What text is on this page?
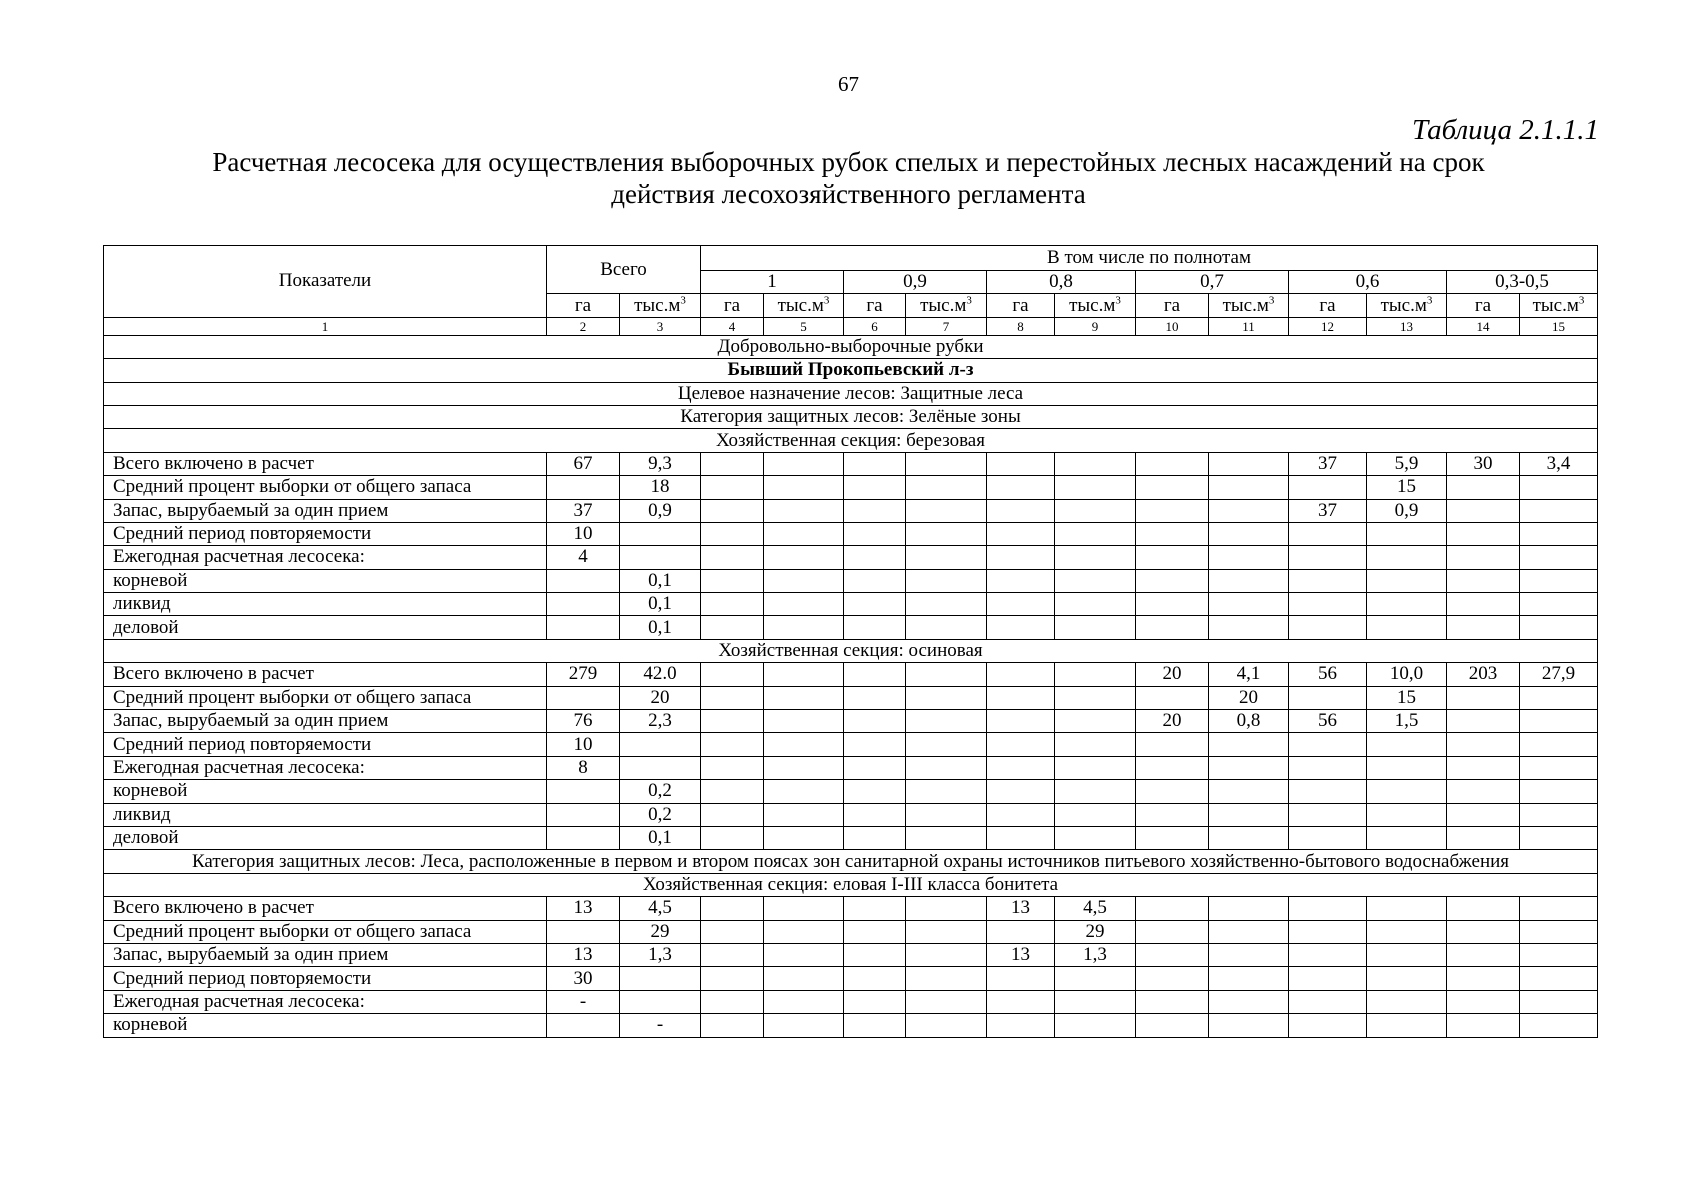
67
Таблица 2.1.1.1
Расчетная лесосека для осуществления выборочных рубок спелых и перестойных лесных насаждений на срок
действия лесохозяйственного регламента
Показатели	Всего		В том числе по полнотам											
			1		0,9		0,8		0,7		0,6		0,3-0,5	
	га	$тыс.м^3$	га	$тыс.м^3$	га	$тыс.м^3$	га	$тыс.м^3$	га	$тыс.м^3$	га	$тыс.м^3$	га	$тыс.м^3$
1	2	3	4	5	6	7	8	9	10	11	12	13	14	15
Добровольно-выборочные рубки														
Бывший Прокопьевский л-з														
Целевое назначение лесов: Защитные леса														
Категория защитных лесов: Зелёные зоны														
Хозяйственная секция: березовая														
Всего включено в расчет	67	9,3									37	5,9	30	3,4
Средний процент выборки от общего запаса		18										15		
Запас, вырубаемый за один прием	37	0,9									37	0,9		
Средний период повторяемости	10													
Ежегодная расчетная лесосека:	4													
корневой		0,1												
ликвид		0,1												
деловой		0,1												
Хозяйственная секция: осиновая														
Всего включено в расчет	279	42.0							20	4,1	56	10,0	203	27,9
Средний процент выборки от общего запаса		20								20		15		
Запас, вырубаемый за один прием	76	2,3							20	0,8	56	1,5		
Средний период повторяемости	10													
Ежегодная расчетная лесосека:	8													
корневой		0,2												
ликвид		0,2												
деловой		0,1												
Категория защитных лесов: Леса, расположенные в первом и втором поясах зон санитарной охраны источников питьевого хозяйственно-бытового водоснабжения														
Хозяйственная секция: еловая I-III класса бонитета														
Всего включено в расчет	13	4,5					13	4,5						
Средний процент выборки от общего запаса		29						29						
Запас, вырубаемый за один прием	13	1,3					13	1,3						
Средний период повторяемости	30													
Ежегодная расчетная лесосека:	-													
корневой		-												
